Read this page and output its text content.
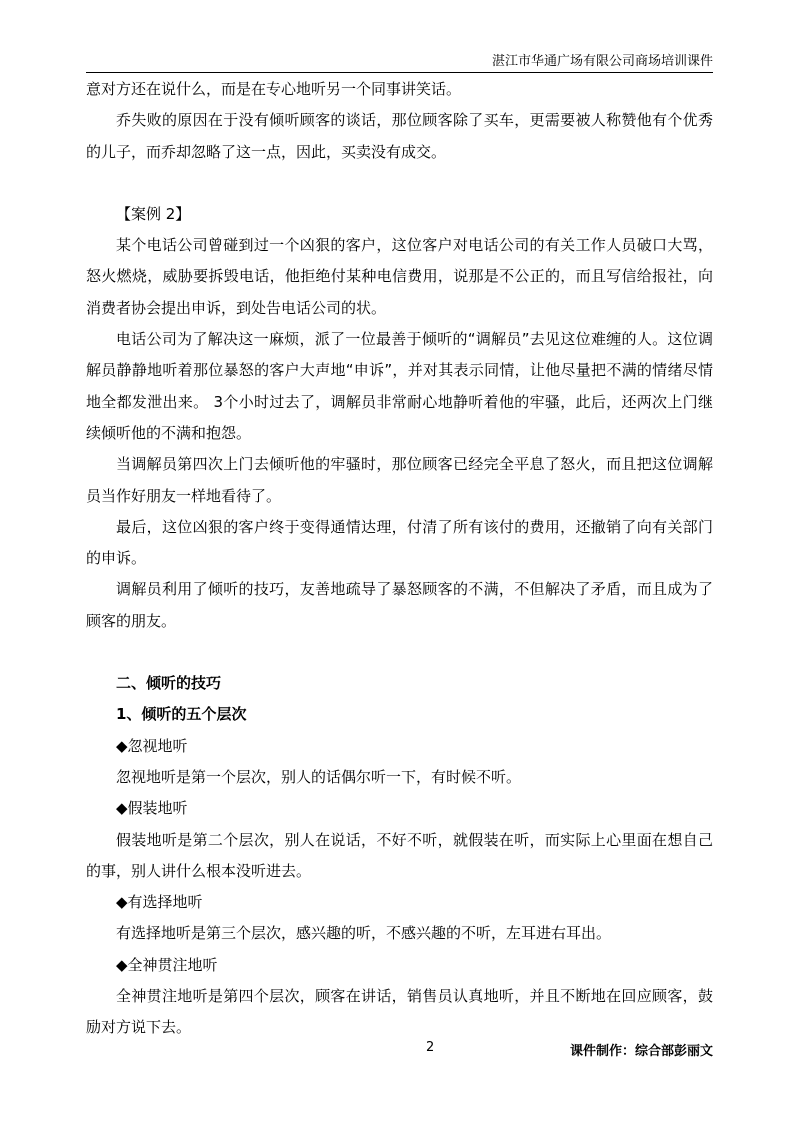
湛江市华通广场有限公司商场培训课件

意对方还在说什么，而是在专心地听另一个同事讲笑话。

乔失败的原因在于没有倾听顾客的谈话，那位顾客除了买车，更需要被人称赞他有个优秀的儿子，而乔却忽略了这一点，因此，买卖没有成交。

【案例 2】

某个电话公司曾碰到过一个凶狠的客户，这位客户对电话公司的有关工作人员破口大骂，怒火燃烧，威胁要拆毁电话，他拒绝付某种电信费用，说那是不公正的，而且写信给报社，向消费者协会提出申诉，到处告电话公司的状。

电话公司为了解决这一麻烦，派了一位最善于倾听的“调解员”去见这位难缠的人。这位调解员静静地听着那位暴怒的客户大声地“申诉”，并对其表示同情，让他尽量把不满的情绪尽情地全都发泄出来。 3个小时过去了，调解员非常耐心地静听着他的牢骚，此后，还两次上门继续倾听他的不满和抱怨。

当调解员第四次上门去倾听他的牢骚时，那位顾客已经完全平息了怒火，而且把这位调解员当作好朋友一样地看待了。

最后，这位凶狠的客户终于变得通情达理，付清了所有该付的费用，还撤销了向有关部门的申诉。

调解员利用了倾听的技巧，友善地疏导了暴怒顾客的不满，不但解决了矛盾，而且成为了顾客的朋友。

二、倾听的技巧

1、倾听的五个层次

◆忽视地听

忽视地听是第一个层次，别人的话偶尔听一下，有时候不听。

◆假装地听

假装地听是第二个层次，别人在说话，不好不听，就假装在听，而实际上心里面在想自己的事，别人讲什么根本没听进去。

◆有选择地听

有选择地听是第三个层次，感兴趣的听，不感兴趣的不听，左耳进右耳出。

◆全神贯注地听

全神贯注地听是第四个层次，顾客在讲话，销售员认真地听，并且不断地在回应顾客，鼓励对方说下去。

2	课件制作：综合部彭丽文
